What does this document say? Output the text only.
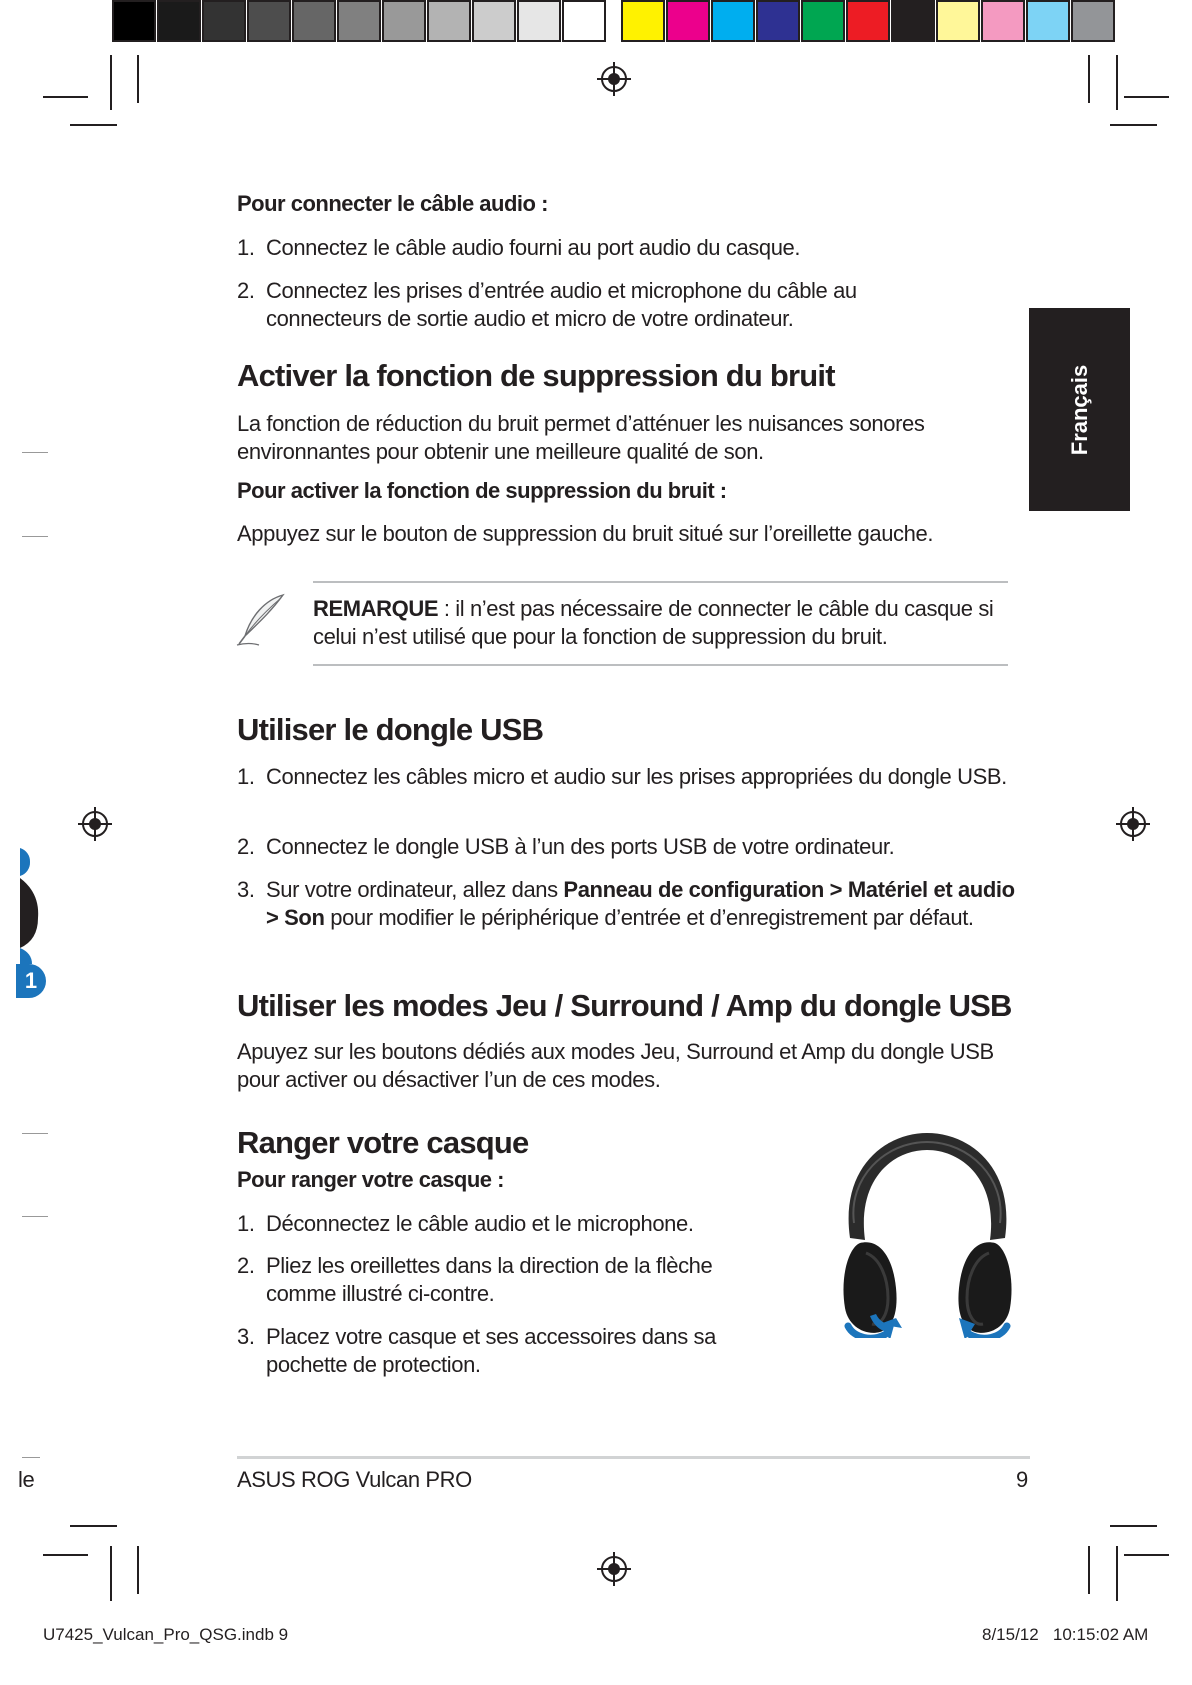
1
le
Français
Pour connecter le câble audio :
1. Connectez le câble audio fourni au port audio du casque.
2. Connectez les prises d’entrée audio et microphone du câble au connecteurs de sortie audio et micro de votre ordinateur.
Activer la fonction de suppression du bruit
La fonction de réduction du bruit permet d’atténuer les nuisances sonores environnantes pour obtenir une meilleure qualité de son.
Pour activer la fonction de suppression du bruit :
Appuyez sur le bouton de suppression du bruit situé sur l’oreillette gauche.
REMARQUE : il n’est pas nécessaire de connecter le câble du casque si celui n’est utilisé que pour la fonction de suppression du bruit.
Utiliser le dongle USB
1. Connectez les câbles micro et audio sur les prises appropriées du dongle USB.
2. Connectez le dongle USB à l’un des ports USB de votre ordinateur.
3. Sur votre ordinateur, allez dans Panneau de configuration > Matériel et audio > Son pour modifier le périphérique d’entrée et d’enregistrement par défaut.
Utiliser les modes Jeu / Surround / Amp du dongle USB
Apuyez sur les boutons dédiés aux modes Jeu, Surround et Amp du dongle USB pour activer ou désactiver l’un de ces modes.
Ranger votre casque
Pour ranger votre casque :
1. Déconnectez le câble audio et le microphone.
2. Pliez les oreillettes dans la direction de la flèche comme illustré ci-contre.
3. Placez votre casque et ses accessoires dans sa pochette de protection.
ASUS ROG Vulcan PRO	9
U7425_Vulcan_Pro_QSG.indb 9	8/15/12   10:15:02 AM
